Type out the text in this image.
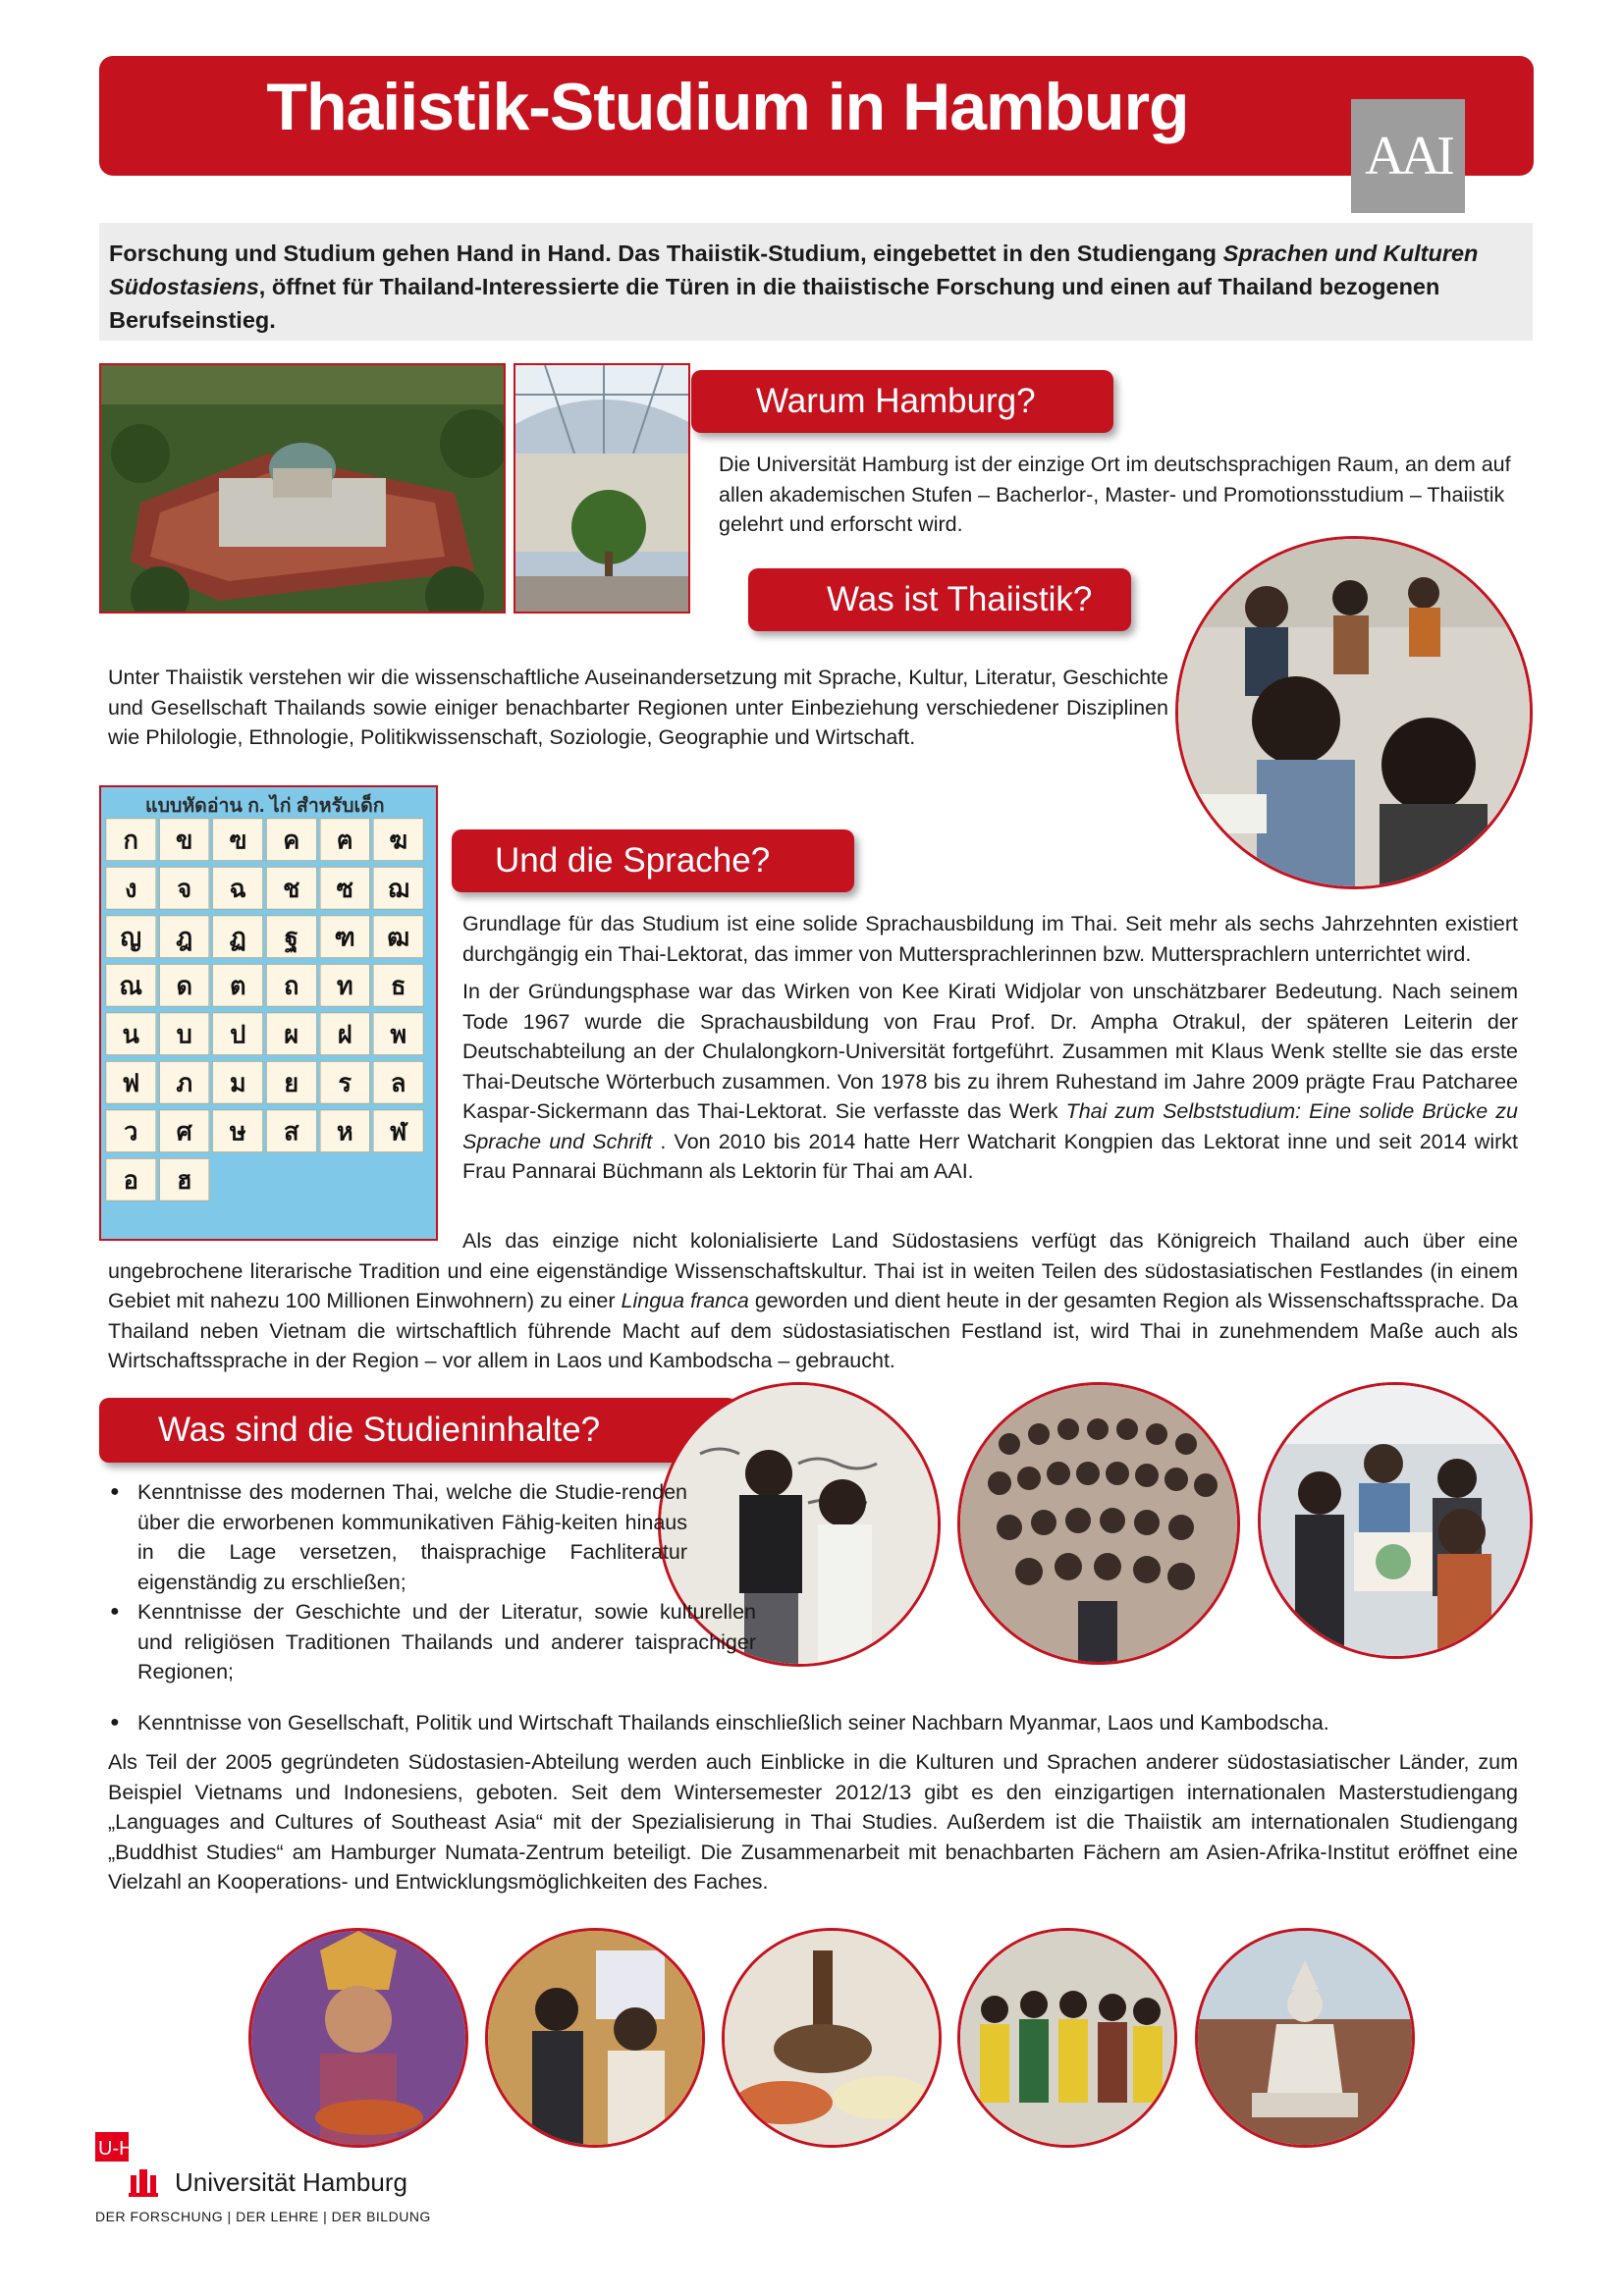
Thaiistik-Studium in Hamburg
AAI
Forschung und Studium gehen Hand in Hand. Das Thaiistik-Studium, eingebettet in den Studiengang Sprachen und Kulturen Südostasiens, öffnet für Thailand-Interessierte die Türen in die thaiistische Forschung und einen auf Thailand bezogenen Berufseinstieg.
Warum Hamburg?
Die Universität Hamburg ist der einzige Ort im deutschsprachigen Raum, an dem auf allen akademischen Stufen – Bacherlor-, Master- und Promotionsstudium – Thaiistik gelehrt und erforscht wird.
Was ist Thaiistik?
Unter Thaiistik verstehen wir die wissenschaftliche Auseinandersetzung mit Sprache, Kultur, Literatur, Geschichte und Gesellschaft Thailands sowie einiger benachbarter Regionen unter Einbeziehung verschiedener Disziplinen wie Philologie, Ethnologie, Politikwissenschaft, Soziologie, Geographie und Wirtschaft.
แบบหัดอ่าน ก. ไก่ สำหรับเด็ก
ก	ข	ฃ	ค	ฅ	ฆ
ง	จ	ฉ	ช	ซ	ฌ
ญ	ฎ	ฏ	ฐ	ฑ ฒ
ณ	ด	ต	ถ	ท	ธ
น	บ	ป	ผ	ฝ	พ
ฟ	ภ	ม	ย	ร	ล
ว	ศ	ษ	ส	ห	ฬ
อ	ฮ
Und die Sprache?
Grundlage für das Studium ist eine solide Sprachausbildung im Thai. Seit mehr als sechs Jahrzehnten existiert durchgängig ein Thai-Lektorat, das immer von Muttersprachlerinnen bzw. Muttersprachlern unterrichtet wird.
In der Gründungsphase war das Wirken von Kee Kirati Widjolar von unschätzbarer Bedeutung. Nach seinem Tode 1967 wurde die Sprachausbildung von Frau Prof. Dr. Ampha Otrakul, der späteren Leiterin der Deutschabteilung an der Chulalongkorn-Universität fortgeführt. Zusammen mit Klaus Wenk stellte sie das erste Thai-Deutsche Wörterbuch zusammen. Von 1978 bis zu ihrem Ruhestand im Jahre 2009 prägte Frau Patcharee Kaspar-Sickermann das Thai-Lektorat. Sie verfasste das Werk Thai zum Selbststudium: Eine solide Brücke zu Sprache und Schrift . Von 2010 bis 2014 hatte Herr Watcharit Kongpien das Lektorat inne und seit 2014 wirkt Frau Pannarai Büchmann als Lektorin für Thai am AAI.
Als das einzige nicht kolonialisierte Land Südostasiens verfügt das Königreich Thailand auch über eine ungebrochene literarische Tradition und eine eigenständige Wissenschaftskultur. Thai ist in weiten Teilen des südostasiatischen Festlandes (in einem Gebiet mit nahezu 100 Millionen Einwohnern) zu einer Lingua franca geworden und dient heute in der gesamten Region als Wissenschaftssprache. Da Thailand neben Vietnam die wirtschaftlich führende Macht auf dem südostasiatischen Festland ist, wird Thai in zunehmendem Maße auch als Wirtschaftssprache in der Region – vor allem in Laos und Kambodscha – gebraucht.
Was sind die Studieninhalte?
● Kenntnisse des modernen Thai, welche die Studie-renden über die erworbenen kommunikativen Fähig-keiten hinaus in die Lage versetzen, thaisprachige Fachliteratur eigenständig zu erschließen;
● Kenntnisse der Geschichte und der Literatur, sowie kulturellen und religiösen Traditionen Thailands und anderer taisprachiger Regionen;
● Kenntnisse von Gesellschaft, Politik und Wirtschaft Thailands einschließlich seiner Nachbarn Myanmar, Laos und Kambodscha.
Als Teil der 2005 gegründeten Südostasien-Abteilung werden auch Einblicke in die Kulturen und Sprachen anderer südostasiatischer Länder, zum Beispiel Vietnams und Indonesiens, geboten. Seit dem Wintersemester 2012/13 gibt es den einzigartigen internationalen Masterstudiengang „Languages and Cultures of Southeast Asia“ mit der Spezialisierung in Thai Studies. Außerdem ist die Thaiistik am internationalen Studiengang „Buddhist Studies“ am Hamburger Numata-Zentrum beteiligt. Die Zusammenarbeit mit benachbarten Fächern am Asien-Afrika-Institut eröffnet eine Vielzahl an Kooperations- und Entwicklungsmöglichkeiten des Faches.
U-H
Universität Hamburg
DER FORSCHUNG | DER LEHRE | DER BILDUNG
